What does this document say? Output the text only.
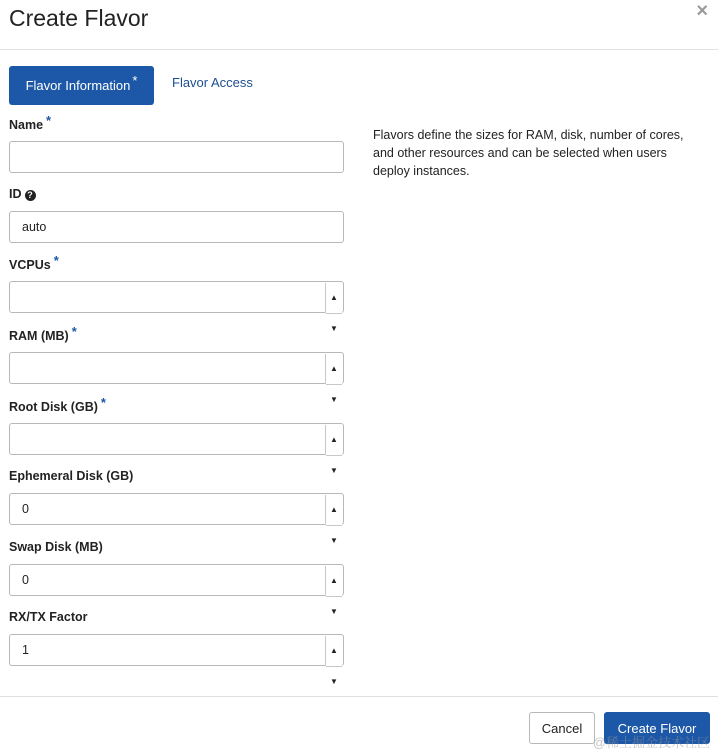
Create Flavor	×
Flavor Information *	Flavor Access
Name *
ID ?
auto
VCPUs *
▲
▼
RAM (MB) *
▲
▼
Root Disk (GB) *
▲
▼
Ephemeral Disk (GB)
0	▲
▼
Swap Disk (MB)
0	▲
▼
RX/TX Factor
1	▲
▼
Flavors define the sizes for RAM, disk, number of cores, and other resources and can be selected when users deploy instances.
Cancel	Create Flavor
@稀土掘金技术社区
